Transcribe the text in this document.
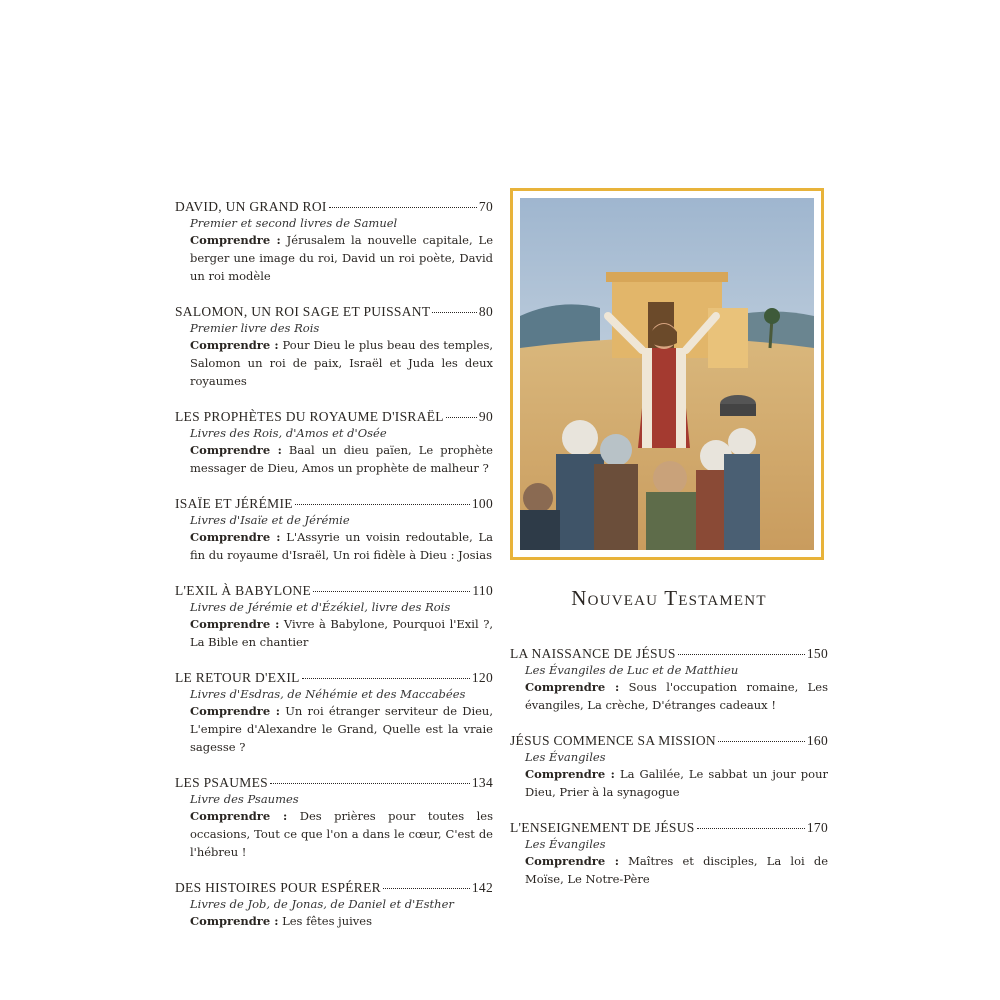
DAVID, UN GRAND ROI	70
Premier et second livres de Samuel
Comprendre : Jérusalem la nouvelle capitale, Le berger une image du roi, David un roi poète, David un roi modèle
SALOMON, UN ROI SAGE ET PUISSANT	80
Premier livre des Rois
Comprendre : Pour Dieu le plus beau des temples, Salomon un roi de paix, Israël et Juda les deux royaumes
LES PROPHÈTES DU ROYAUME D'ISRAËL	90
Livres des Rois, d'Amos et d'Osée
Comprendre : Baal un dieu païen, Le prophète messager de Dieu, Amos un prophète de malheur ?
ISAÏE ET JÉRÉMIE	100
Livres d'Isaïe et de Jérémie
Comprendre : L'Assyrie un voisin redoutable, La fin du royaume d'Israël, Un roi fidèle à Dieu : Josias
L'EXIL À BABYLONE	110
Livres de Jérémie et d'Ézékiel, livre des Rois
Comprendre : Vivre à Babylone, Pourquoi l'Exil ?, La Bible en chantier
LE RETOUR D'EXIL	120
Livres d'Esdras, de Néhémie et des Maccabées
Comprendre : Un roi étranger serviteur de Dieu, L'empire d'Alexandre le Grand, Quelle est la vraie sagesse ?
LES PSAUMES	134
Livre des Psaumes
Comprendre : Des prières pour toutes les occasions, Tout ce que l'on a dans le cœur, C'est de l'hébreu !
DES HISTOIRES POUR ESPÉRER	142
Livres de Job, de Jonas, de Daniel et d'Esther
Comprendre : Les fêtes juives
Nouveau Testament
LA NAISSANCE DE JÉSUS	150
Les Évangiles de Luc et de Matthieu
Comprendre : Sous l'occupation romaine, Les évangiles, La crèche, D'étranges cadeaux !
JÉSUS COMMENCE SA MISSION	160
Les Évangiles
Comprendre : La Galilée, Le sabbat un jour pour Dieu, Prier à la synagogue
L'ENSEIGNEMENT DE JÉSUS	170
Les Évangiles
Comprendre : Maîtres et disciples, La loi de Moïse, Le Notre-Père
